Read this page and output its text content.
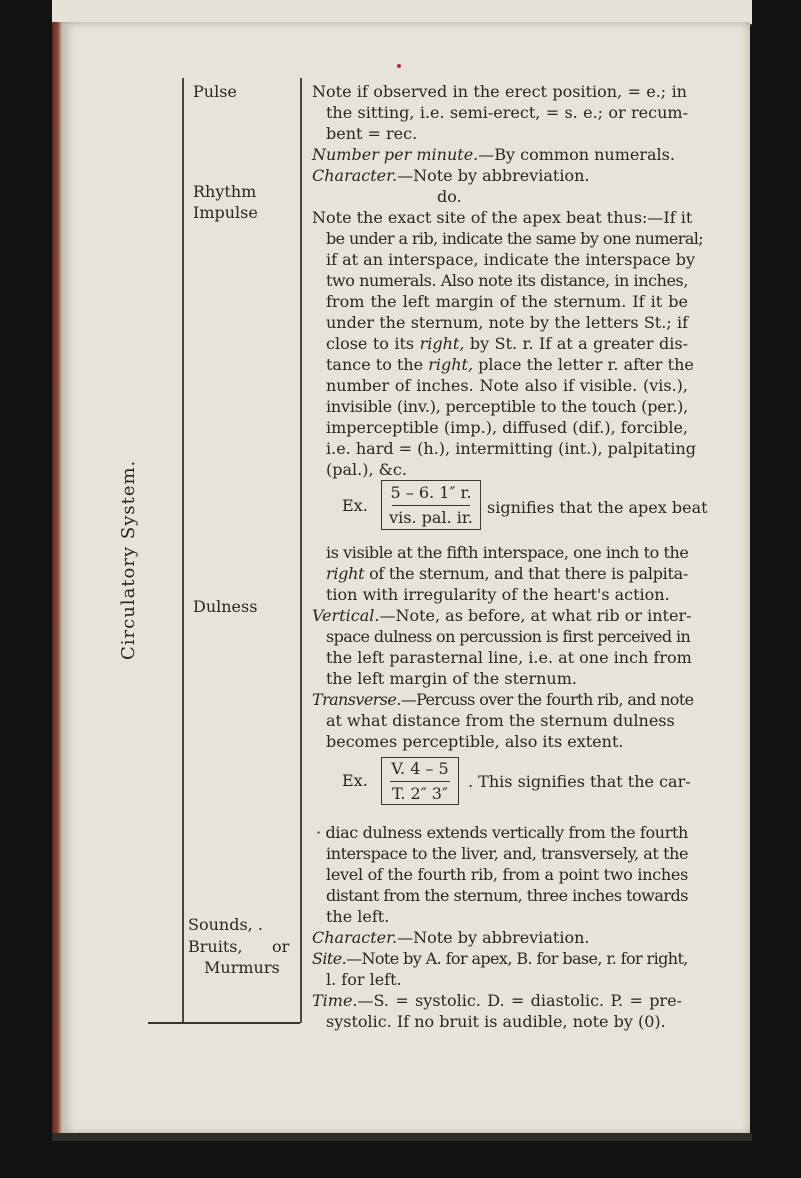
Circulatory System.
Pulse
Rhythm
Impulse
Dulness
Sounds, .
Bruits, or
Murmurs
Note if observed in the erect position, = e.; in
the sitting, i.e. semi-erect, = s. e.; or recum-
bent = rec.
Number per minute.—By common numerals.
Character.—Note by abbreviation.
do.
Note the exact site of the apex beat thus:—If it
be under a rib, indicate the same by one numeral;
if at an interspace, indicate the interspace by
two numerals. Also note its distance, in inches,
from the left margin of the sternum. If it be
under the sternum, note by the letters St.; if
close to its right, by St. r. If at a greater dis-
tance to the right, place the letter r. after the
number of inches. Note also if visible. (vis.),
invisible (inv.), perceptible to the touch (per.),
imperceptible (imp.), diffused (dif.), forcible,
i.e. hard = (h.), intermitting (int.), palpitating
(pal.), &c.
is visible at the fifth interspace, one inch to the
right of the sternum, and that there is palpita-
tion with irregularity of the heart's action.
Vertical.—Note, as before, at what rib or inter-
space dulness on percussion is first perceived in
the left parasternal line, i.e. at one inch from
the left margin of the sternum.
Transverse.—Percuss over the fourth rib, and note
at what distance from the sternum dulness
becomes perceptible, also its extent.
· diac dulness extends vertically from the fourth
interspace to the liver, and, transversely, at the
level of the fourth rib, from a point two inches
distant from the sternum, three inches towards
the left.
Character.—Note by abbreviation.
Site.—Note by A. for apex, B. for base, r. for right,
l. for left.
Time.—S. = systolic. D. = diastolic. P. = pre-
systolic. If no bruit is audible, note by (0).
Ex.
5 – 6. 1″ r.
vis. pal. ir. signifies that the apex beat
Ex.
V. 4 – 5
T. 2″ 3″
. This signifies that the car-
